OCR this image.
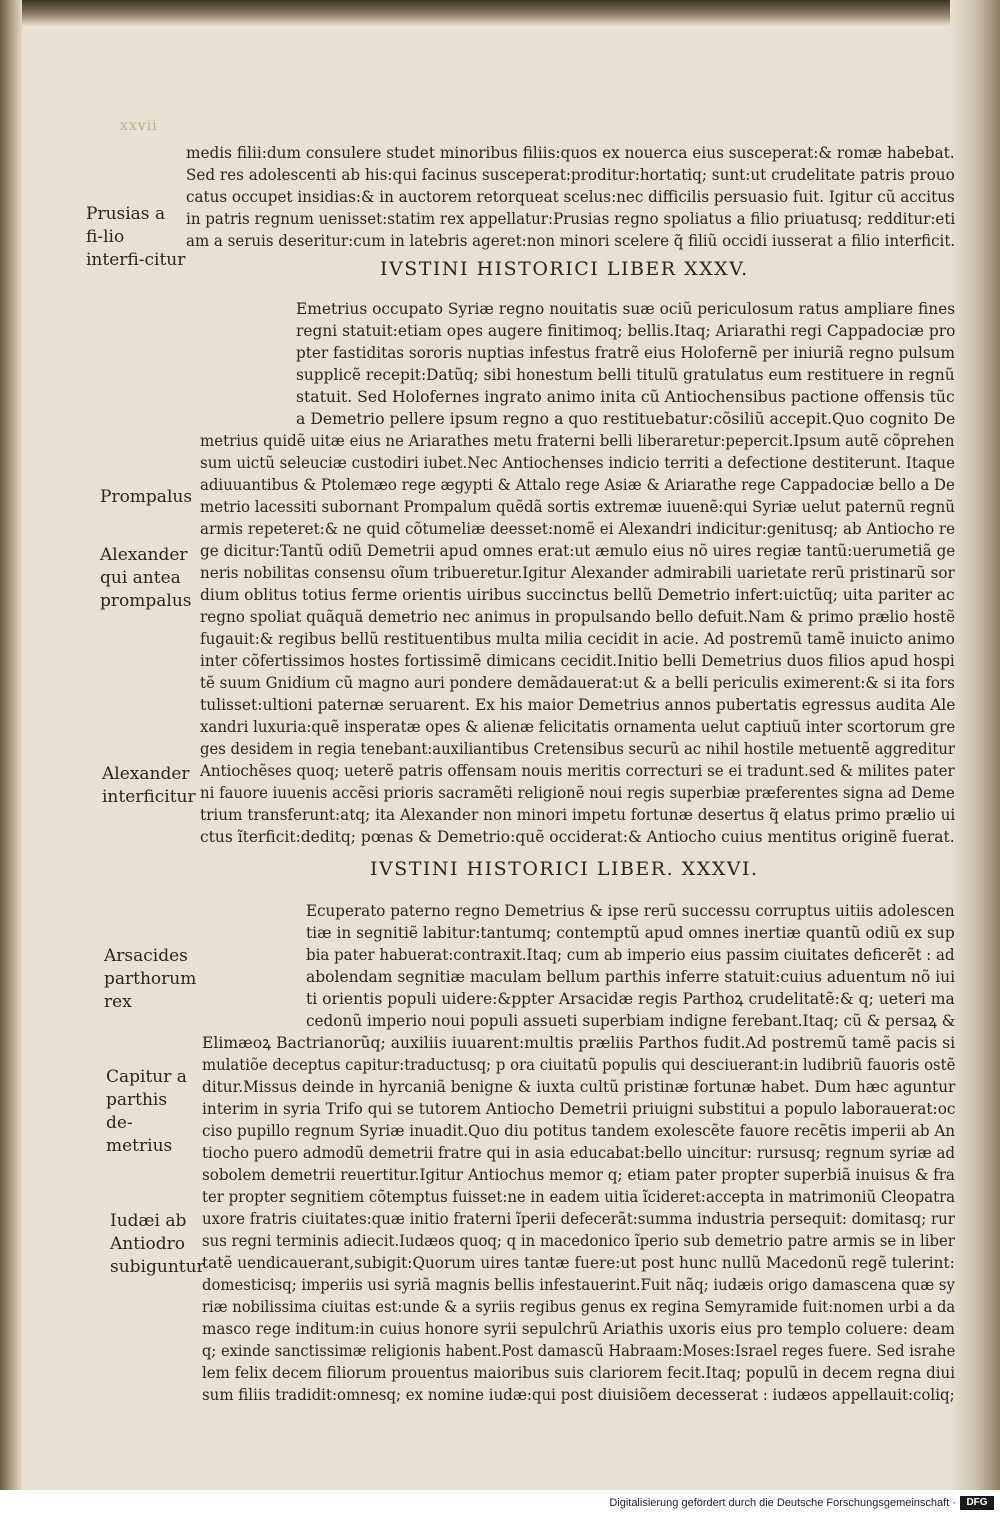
xxvii
Prusias a fi-lio interfi-citur
Prompalus
Alexander qui antea prompalus
Alexander interficitur
Arsacides parthorum rex
Capitur a parthis de-metrius
Iudæi ab Antiodro subiguntur
medis filii:dum consulere studet minoribus filiis:quos ex nouerca eius susceperat:& romæ habebat.
Sed res adolescenti ab his:qui facinus susceperat:proditur:hortatiq; sunt:ut crudelitate patris prouo
catus occupet insidias:& in auctorem retorqueat scelus:nec difficilis persuasio fuit. Igitur cũ accitus
in patris regnum uenisset:statim rex appellatur:Prusias regno spoliatus a filio priuatusq; redditur:eti
am a seruis deseritur:cum in latebris ageret:non minori scelere q̃ filiũ occidi iusserat a filio interficit.
IVSTINI HISTORICI LIBER XXXV.
Emetrius occupato Syriæ regno nouitatis suæ ociũ periculosum ratus ampliare fines
regni statuit:etiam opes augere finitimoq; bellis.Itaq; Ariarathi regi Cappadociæ pro
pter fastiditas sororis nuptias infestus fratrẽ eius Holofernẽ per iniuriã regno pulsum
supplicẽ recepit:Datũq; sibi honestum belli titulũ gratulatus eum restituere in regnũ
statuit. Sed Holofernes ingrato animo inita cũ Antiochensibus pactione offensis tũc
a Demetrio pellere ipsum regno a quo restituebatur:cõsiliũ accepit.Quo cognito De
metrius quidẽ uitæ eius ne Ariarathes metu fraterni belli liberaretur:pepercit.Ipsum autẽ cõprehen
sum uictũ seleuciæ custodiri iubet.Nec Antiochenses indicio territi a defectione destiterunt. Itaque
adiuuantibus & Ptolemæo rege ægypti & Attalo rege Asiæ & Ariarathe rege Cappadociæ bello a De
metrio lacessiti subornant Prompalum quẽdã sortis extremæ iuuenẽ:qui Syriæ uelut paternũ regnũ
armis repeteret:& ne quid cõtumeliæ deesset:nomẽ ei Alexandri indicitur:genitusq; ab Antiocho re
ge dicitur:Tantũ odiũ Demetrii apud omnes erat:ut æmulo eius nõ uires regiæ tantũ:uerumetiã ge
neris nobilitas consensu oĩum tribueretur.Igitur Alexander admirabili uarietate rerũ pristinarũ sor
dium oblitus totius ferme orientis uiribus succinctus bellũ Demetrio infert:uictũq; uita pariter ac
regno spoliat quãquã demetrio nec animus in propulsando bello defuit.Nam & primo prælio hostẽ
fugauit:& regibus bellũ restituentibus multa milia cecidit in acie. Ad postremũ tamẽ inuicto animo
inter cõfertissimos hostes fortissimẽ dimicans cecidit.Initio belli Demetrius duos filios apud hospi
tẽ suum Gnidium cũ magno auri pondere demãdauerat:ut & a belli periculis eximerent:& si ita fors
tulisset:ultioni paternæ seruarent. Ex his maior Demetrius annos pubertatis egressus audita Ale
xandri luxuria:quẽ insperatæ opes & alienæ felicitatis ornamenta uelut captiuũ inter scortorum gre
ges desidem in regia tenebant:auxiliantibus Cretensibus securũ ac nihil hostile metuentẽ aggreditur
Antiochẽses quoq; ueterẽ patris offensam nouis meritis correcturi se ei tradunt.sed & milites pater
ni fauore iuuenis accẽsi prioris sacramẽti religionẽ noui regis superbiæ præferentes signa ad Deme
trium transferunt:atq; ita Alexander non minori impetu fortunæ desertus q̃ elatus primo prælio ui
ctus ĩterficit:deditq; pœnas & Demetrio:quẽ occiderat:& Antiocho cuius mentitus originẽ fuerat.
IVSTINI HISTORICI LIBER. XXXVI.
Ecuperato paterno regno Demetrius & ipse rerũ successu corruptus uitiis adolescen
tiæ in segnitiẽ labitur:tantumq; contemptũ apud omnes inertiæ quantũ odiũ ex sup
bia pater habuerat:contraxit.Itaq; cum ab imperio eius passim ciuitates deficerẽt : ad
abolendam segnitiæ maculam bellum parthis inferre statuit:cuius aduentum nõ iui
ti orientis populi uidere:&ppter Arsacidæ regis Parthoꝝ crudelitatẽ:& q; ueteri ma
cedonũ imperio noui populi assueti superbiam indigne ferebant.Itaq; cũ & persaꝝ &
Elimæoꝝ Bactrianorũq; auxiliis iuuarent:multis præliis Parthos fudit.Ad postremũ tamẽ pacis si
mulatiõe deceptus capitur:traductusq; p ora ciuitatũ populis qui desciuerant:in ludibriũ fauoris ostẽ
ditur.Missus deinde in hyrcaniã benigne & iuxta cultũ pristinæ fortunæ habet. Dum hæc aguntur
interim in syria Trifo qui se tutorem Antiocho Demetrii priuigni substitui a populo laborauerat:oc
ciso pupillo regnum Syriæ inuadit.Quo diu potitus tandem exolescẽte fauore recẽtis imperii ab An
tiocho puero admodũ demetrii fratre qui in asia educabat:bello uincitur: rursusq; regnum syriæ ad
sobolem demetrii reuertitur.Igitur Antiochus memor q; etiam pater propter superbiã inuisus & fra
ter propter segnitiem cõtemptus fuisset:ne in eadem uitia ĩcideret:accepta in matrimoniũ Cleopatra
uxore fratris ciuitates:quæ initio fraterni ĩperii defecerãt:summa industria persequit: domitasq; rur
sus regni terminis adiecit.Iudæos quoq; q in macedonico ĩperio sub demetrio patre armis se in liber
tatẽ uendicauerant,subigit:Quorum uires tantæ fuere:ut post hunc nullũ Macedonũ regẽ tulerint:
domesticisq; imperiis usi syriã magnis bellis infestauerint.Fuit nãq; iudæis origo damascena quæ sy
riæ nobilissima ciuitas est:unde & a syriis regibus genus ex regina Semyramide fuit:nomen urbi a da
masco rege inditum:in cuius honore syrii sepulchrũ Ariathis uxoris eius pro templo coluere: deam
q; exinde sanctissimæ religionis habent.Post damascũ Habraam:Moses:Israel reges fuere. Sed israhe
lem felix decem filiorum prouentus maioribus suis clariorem fecit.Itaq; populũ in decem regna diui
sum filiis tradidit:omnesq; ex nomine iudæ:qui post diuisiõem decesserat : iudæos appellauit:coliq;
Digitalisierung gefördert durch die Deutsche Forschungsgemeinschaft ·	DFG
